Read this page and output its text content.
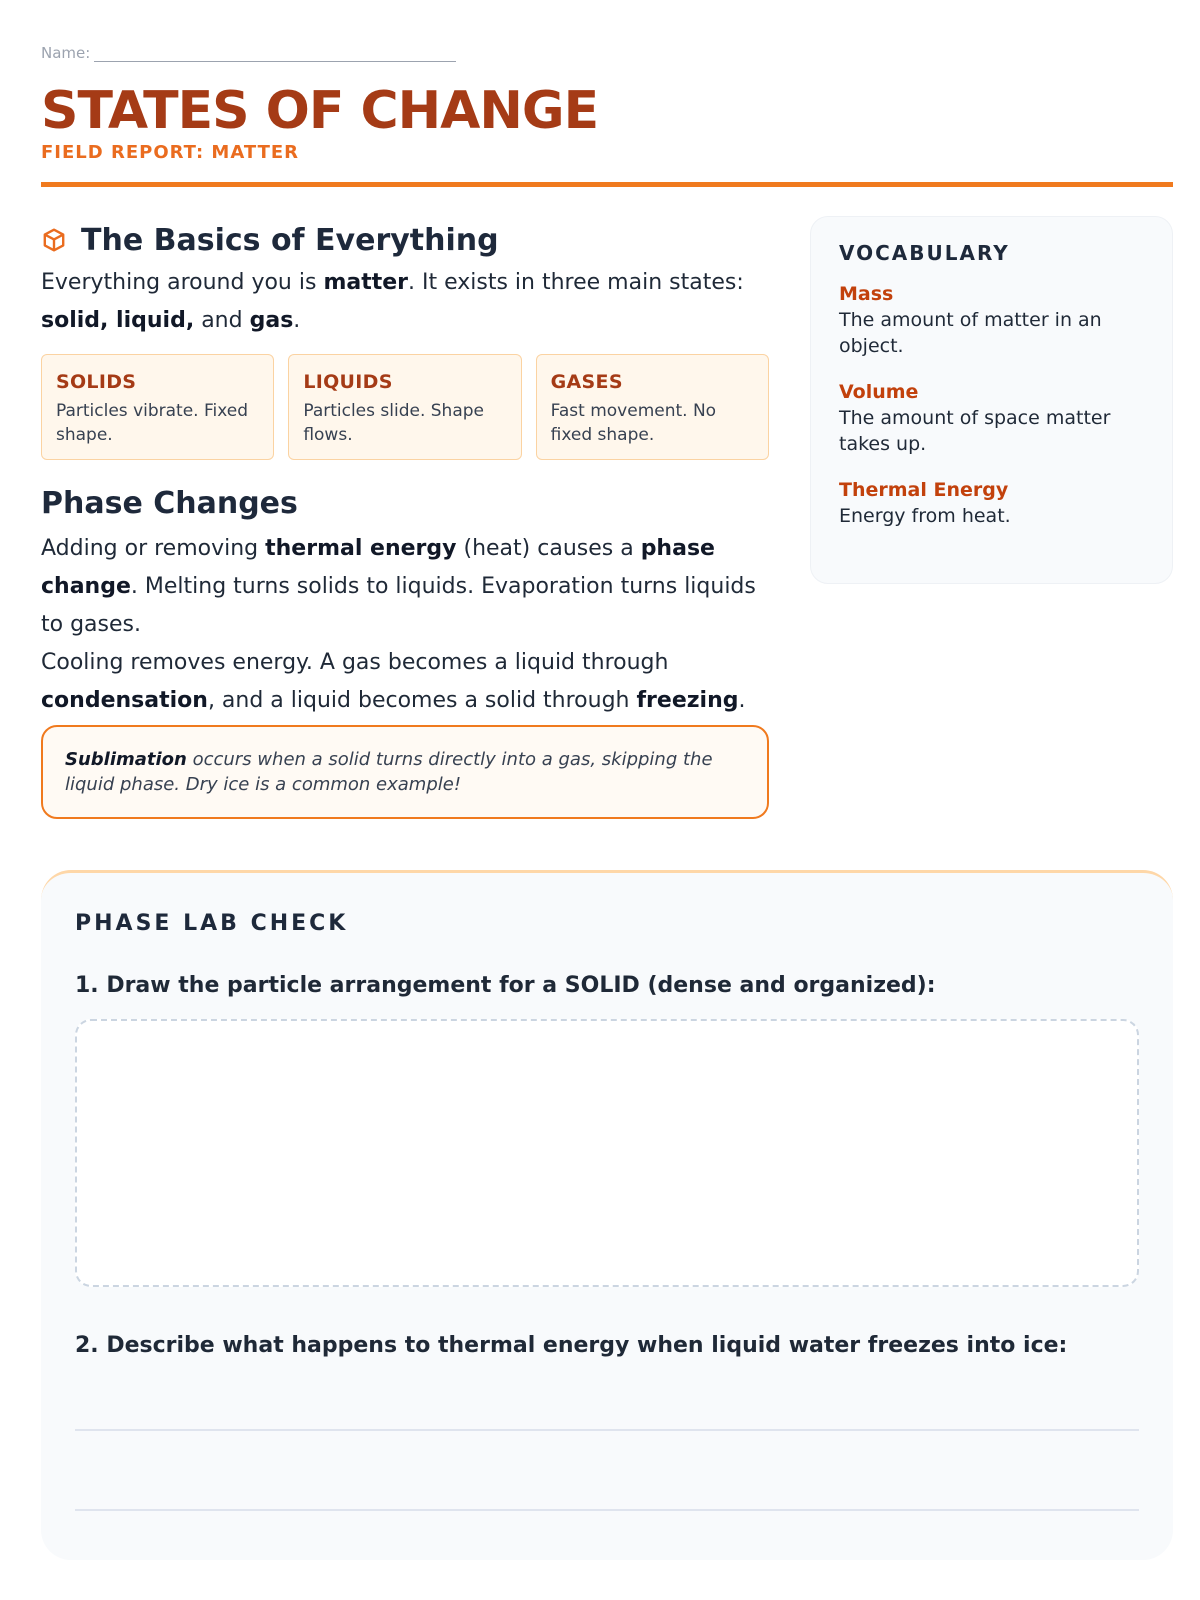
Name:
STATES OF CHANGE
FIELD REPORT: MATTER
The Basics of Everything

Everything around you is matter. It exists in three main states: solid, liquid, and gas.

SOLIDS
Particles vibrate. Fixed shape.
LIQUIDS
Particles slide. Shape flows.
GASES
Fast movement. No fixed shape.
Phase Changes

Adding or removing thermal energy (heat) causes a phase change. Melting turns solids to liquids. Evaporation turns liquids to gases.

Cooling removes energy. A gas becomes a liquid through condensation, and a liquid becomes a solid through freezing.

Sublimation occurs when a solid turns directly into a gas, skipping the liquid phase. Dry ice is a common example!
VOCABULARY
Mass
The amount of matter in an object.
Volume
The amount of space matter takes up.
Thermal Energy
Energy from heat.
PHASE LAB CHECK
1. Draw the particle arrangement for a SOLID (dense and organized):
2. Describe what happens to thermal energy when liquid water freezes into ice:
